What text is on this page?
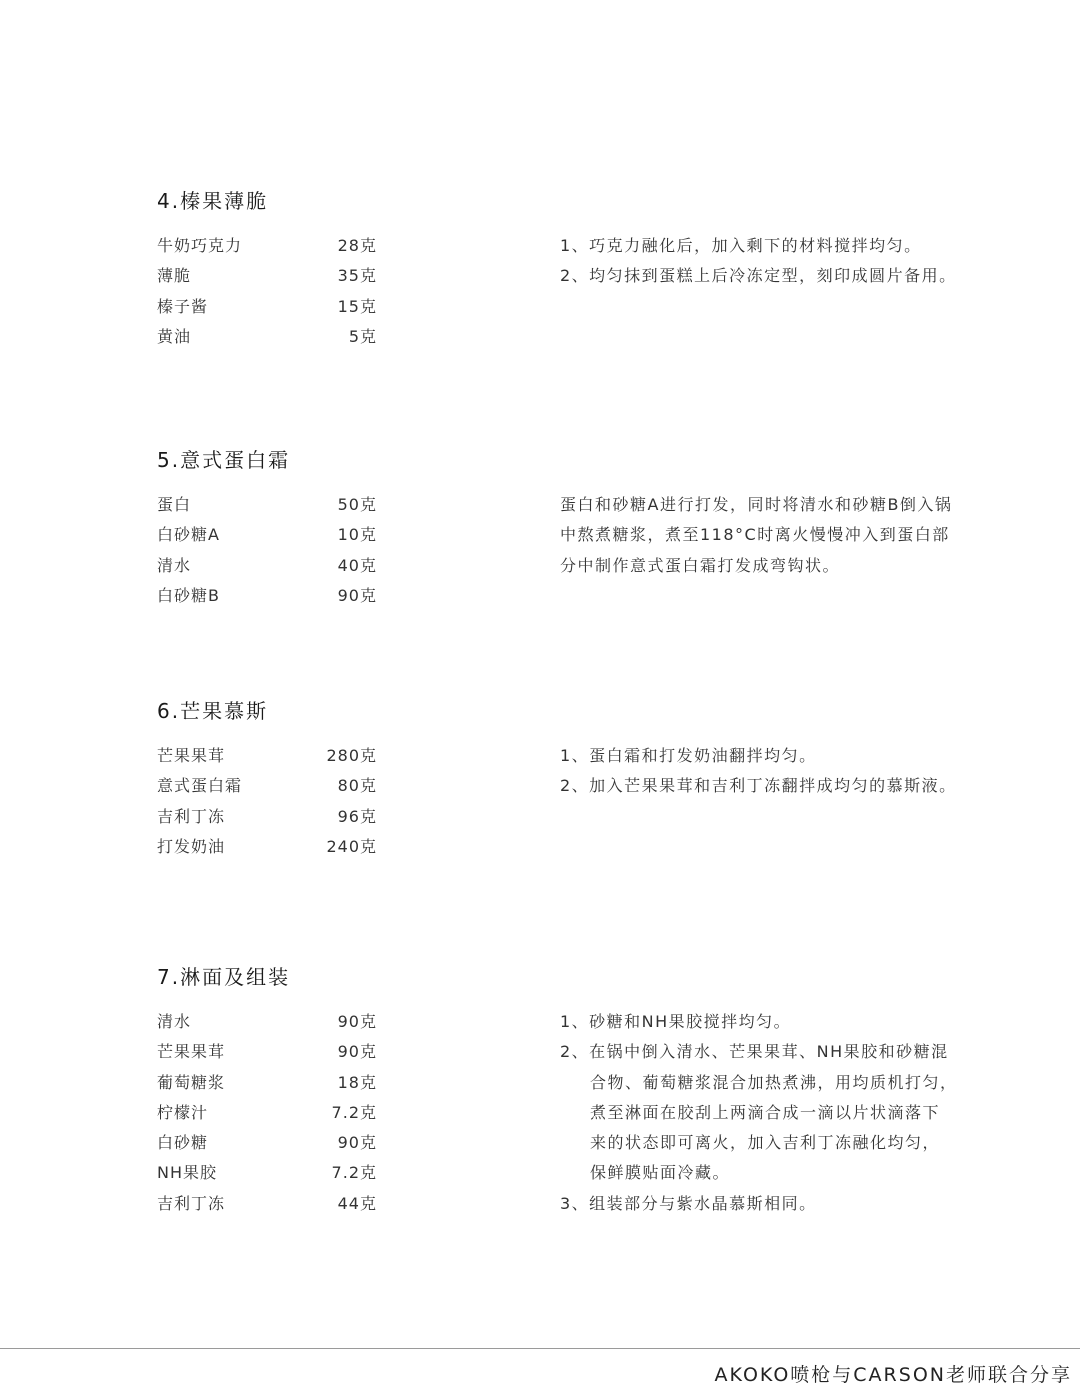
4.榛果薄脆
牛奶巧克力	28克
薄脆	35克
榛子酱	15克
黄油	5克
1、巧克力融化后，加入剩下的材料搅拌均匀。
2、均匀抹到蛋糕上后冷冻定型，刻印成圆片备用。
5.意式蛋白霜
蛋白	50克
白砂糖A	10克
清水	40克
白砂糖B	90克
蛋白和砂糖A进行打发，同时将清水和砂糖B倒入锅
中熬煮糖浆，煮至118°C时离火慢慢冲入到蛋白部
分中制作意式蛋白霜打发成弯钩状。
6.芒果慕斯
芒果果茸	280克
意式蛋白霜	80克
吉利丁冻	96克
打发奶油	240克
1、蛋白霜和打发奶油翻拌均匀。
2、加入芒果果茸和吉利丁冻翻拌成均匀的慕斯液。
7.淋面及组装
清水	90克
芒果果茸	90克
葡萄糖浆	18克
柠檬汁	7.2克
白砂糖	90克
NH果胶	7.2克
吉利丁冻	44克
1、砂糖和NH果胶搅拌均匀。
2、在锅中倒入清水、芒果果茸、NH果胶和砂糖混
合物、葡萄糖浆混合加热煮沸，用均质机打匀，
煮至淋面在胶刮上两滴合成一滴以片状滴落下
来的状态即可离火，加入吉利丁冻融化均匀，
保鲜膜贴面冷藏。
3、组装部分与紫水晶慕斯相同。
AKOKO喷枪与CARSON老师联合分享
